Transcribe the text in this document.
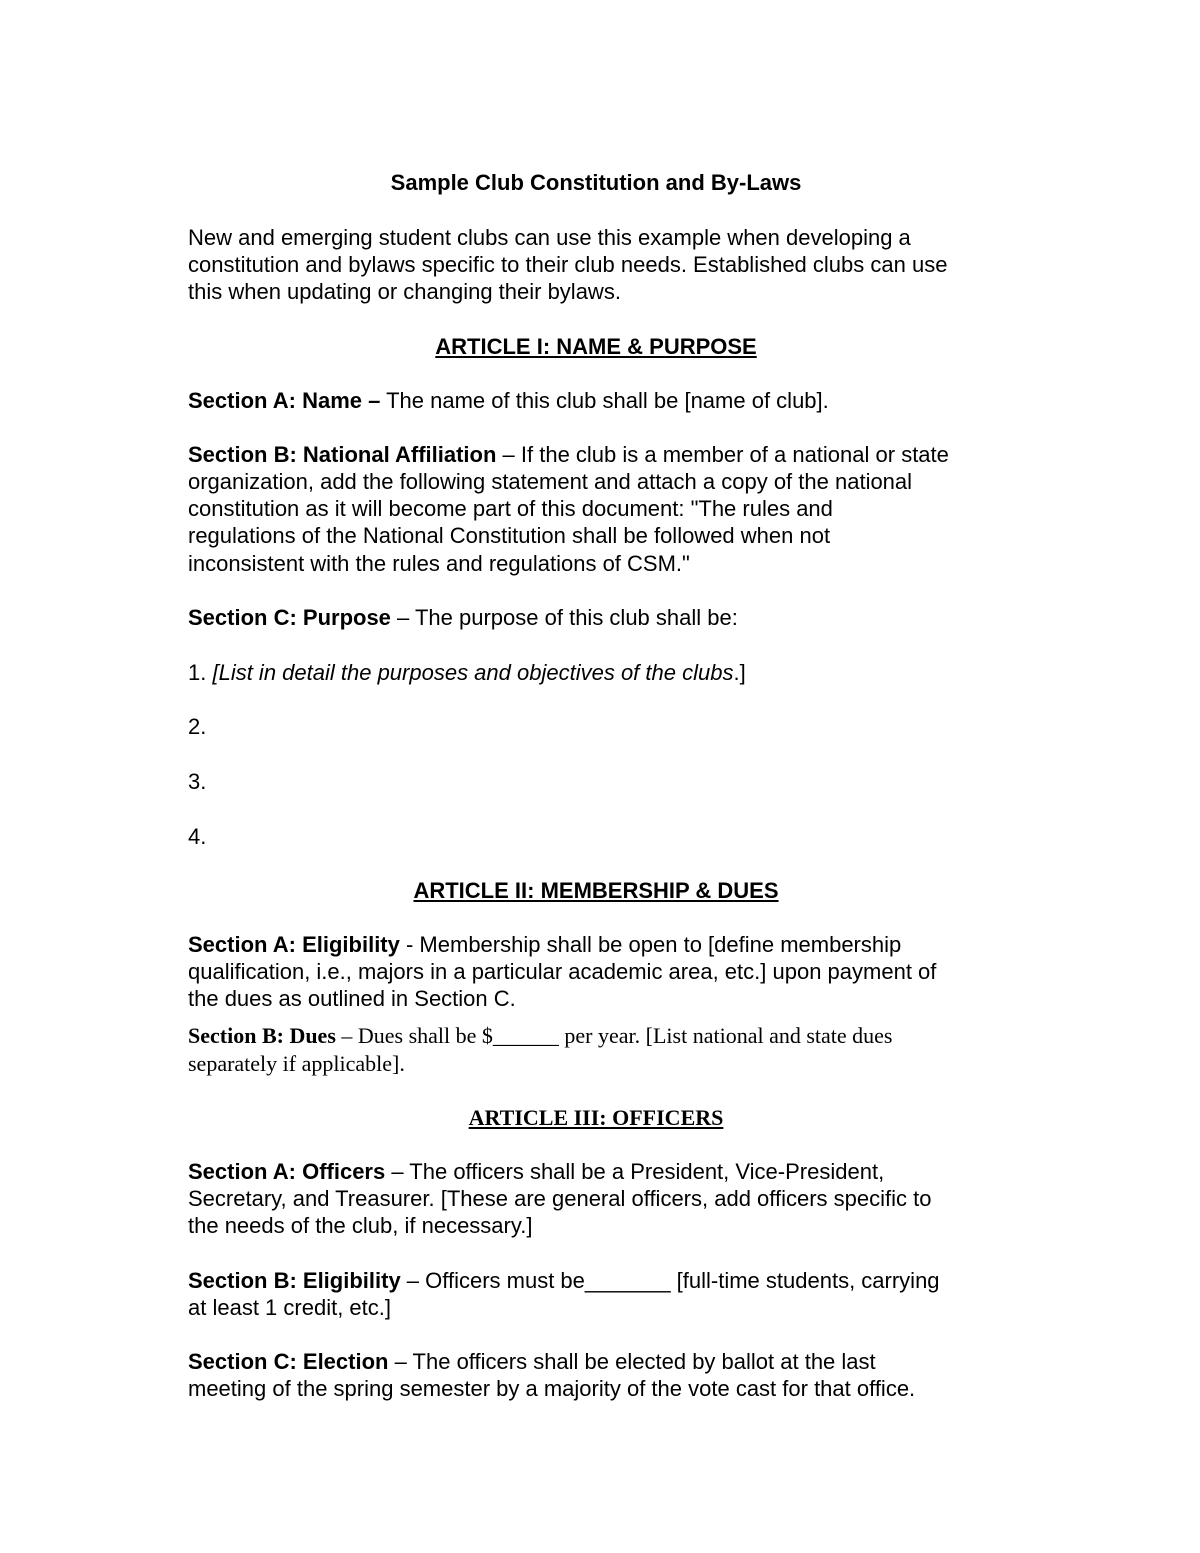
Sample Club Constitution and By-Laws

New and emerging student clubs can use this example when developing a

constitution and bylaws specific to their club needs. Established clubs can use

this when updating or changing their bylaws.

ARTICLE I: NAME & PURPOSE

Section A: Name – The name of this club shall be [name of club].

Section B: National Affiliation – If the club is a member of a national or state

organization, add the following statement and attach a copy of the national

constitution as it will become part of this document: "The rules and

regulations of the National Constitution shall be followed when not

inconsistent with the rules and regulations of CSM."

Section C: Purpose – The purpose of this club shall be:

1. [List in detail the purposes and objectives of the clubs.]

2.

3.

4.

ARTICLE II: MEMBERSHIP & DUES

Section A: Eligibility - Membership shall be open to [define membership

qualification, i.e., majors in a particular academic area, etc.] upon payment of

the dues as outlined in Section C.

Section B: Dues – Dues shall be $______ per year. [List national and state dues

separately if applicable].

ARTICLE III: OFFICERS

Section A: Officers – The officers shall be a President, Vice-President,

Secretary, and Treasurer. [These are general officers, add officers specific to

the needs of the club, if necessary.]

Section B: Eligibility – Officers must be_______ [full-time students, carrying

at least 1 credit, etc.]

Section C: Election – The officers shall be elected by ballot at the last

meeting of the spring semester by a majority of the vote cast for that office.
